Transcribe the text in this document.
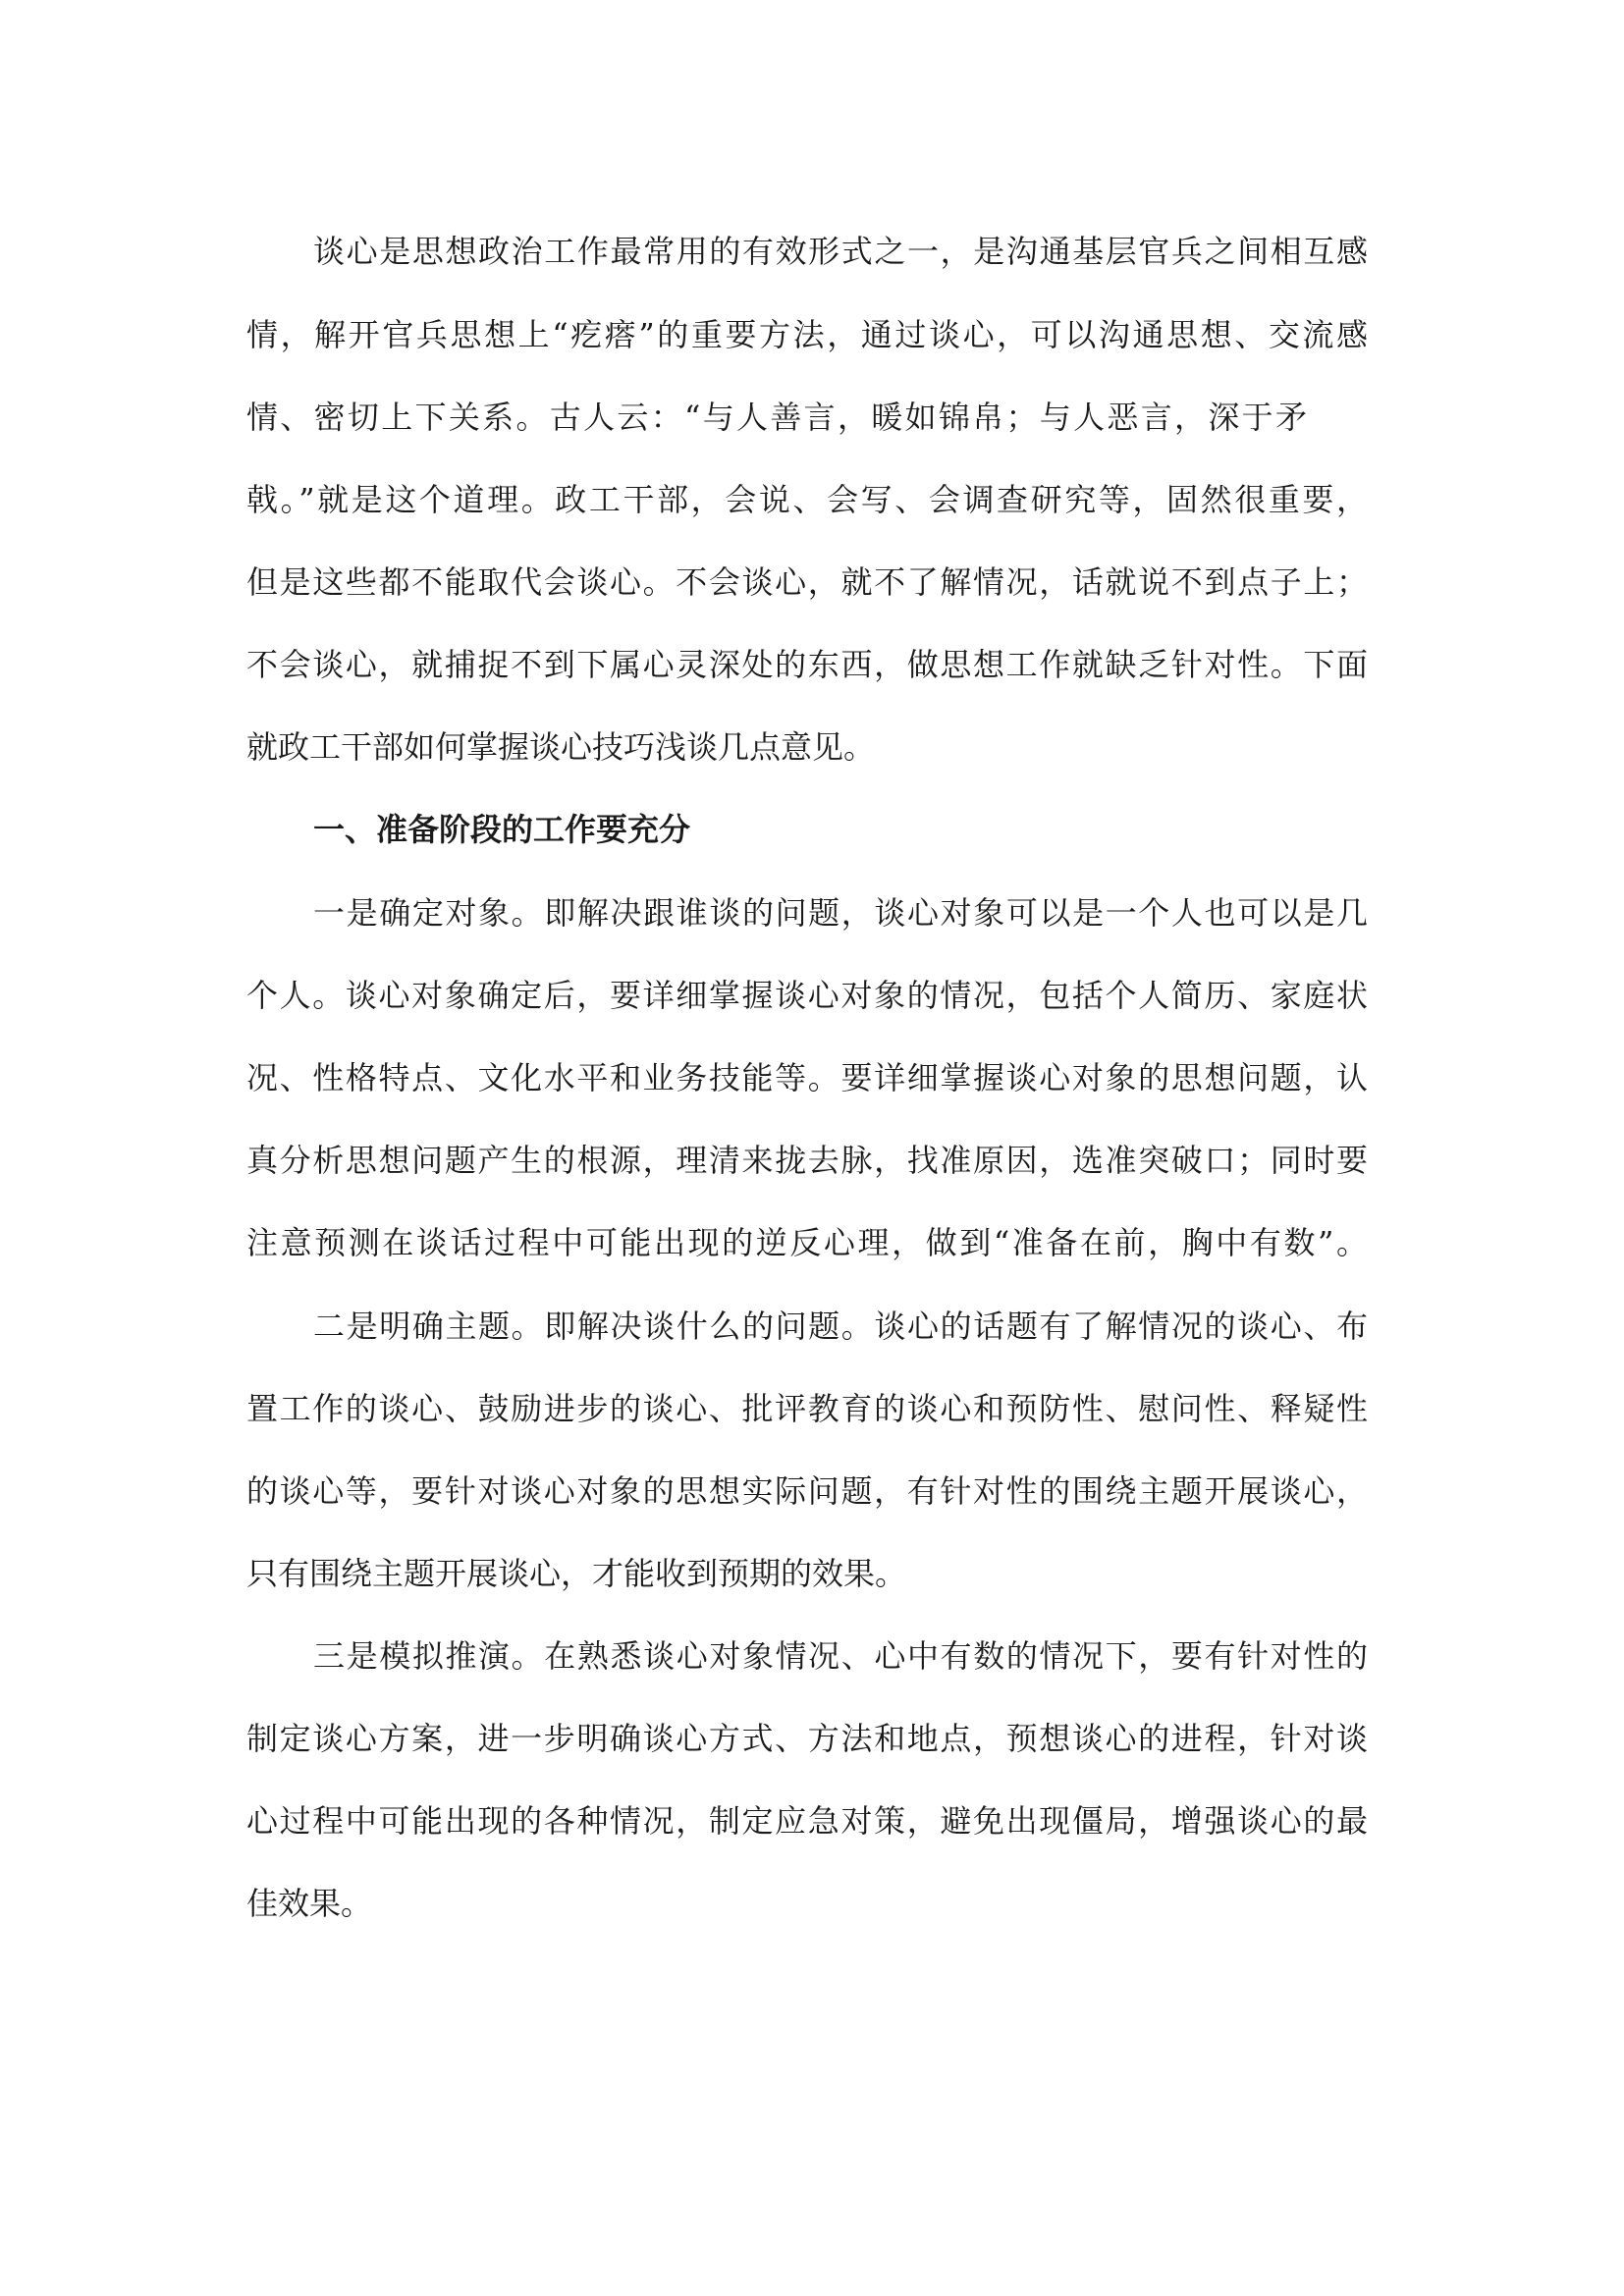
谈心是思想政治工作最常用的有效形式之一，是沟通基层官兵之间相互感
情，解开官兵思想上“疙瘩”的重要方法，通过谈心，可以沟通思想、交流感
情、密切上下关系。古人云：“与人善言，暖如锦帛；与人恶言，深于矛
戟。”就是这个道理。政工干部，会说、会写、会调查研究等，固然很重要，
但是这些都不能取代会谈心。不会谈心，就不了解情况，话就说不到点子上；
不会谈心，就捕捉不到下属心灵深处的东西，做思想工作就缺乏针对性。下面
就政工干部如何掌握谈心技巧浅谈几点意见。
一、准备阶段的工作要充分
一是确定对象。即解决跟谁谈的问题，谈心对象可以是一个人也可以是几
个人。谈心对象确定后，要详细掌握谈心对象的情况，包括个人简历、家庭状
况、性格特点、文化水平和业务技能等。要详细掌握谈心对象的思想问题，认
真分析思想问题产生的根源，理清来拢去脉，找准原因，选准突破口；同时要
注意预测在谈话过程中可能出现的逆反心理，做到“准备在前，胸中有数”。
二是明确主题。即解决谈什么的问题。谈心的话题有了解情况的谈心、布
置工作的谈心、鼓励进步的谈心、批评教育的谈心和预防性、慰问性、释疑性
的谈心等，要针对谈心对象的思想实际问题，有针对性的围绕主题开展谈心，
只有围绕主题开展谈心，才能收到预期的效果。
三是模拟推演。在熟悉谈心对象情况、心中有数的情况下，要有针对性的
制定谈心方案，进一步明确谈心方式、方法和地点，预想谈心的进程，针对谈
心过程中可能出现的各种情况，制定应急对策，避免出现僵局，增强谈心的最
佳效果。
